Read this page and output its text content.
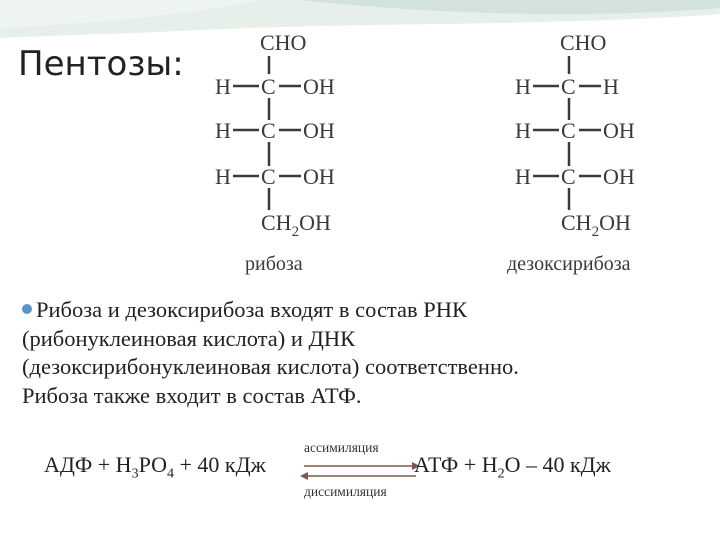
Пентозы:
CHO
H C OH
H C OH
H C OH
$CH_2OH$
рибоза
CHO
H C H
H C OH
H C OH
$CH_2OH$
дезоксирибоза
Рибоза и дезоксирибоза входят в состав РНК
(рибонуклеиновая кислота) и ДНК
(дезоксирибонуклеиновая кислота) соответственно.
Рибоза также входит в состав АТФ.
АДФ + $Н_3РО_4 + 40$ кДж
ассимиляция
диссимиляция
АТФ + $Н_2О - 40$ кДж
